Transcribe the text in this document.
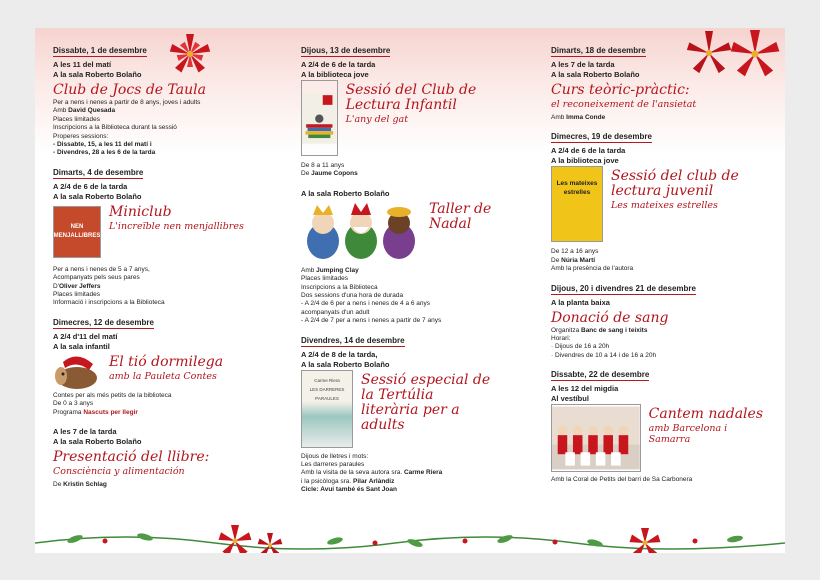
Dissabte, 1 de desembre
A les 11 del matí
A la sala Roberto Bolaño
Club de Jocs de Taula
Per a nens i nenes a partir de 8 anys, joves i adults
Amb David Quesada
Places limitades
Inscripcions a la Biblioteca durant la sessió
Properes sessions:
- Dissabte, 15, a les 11 del matí i
- Divendres, 28 a les 6 de la tarda
Dimarts, 4 de desembre
A 2/4 de 6 de la tarda
A la sala Roberto Bolaño
NEN MENJALLIBRES
Miniclub
L'increïble nen menjallibres
Per a nens i nenes de 5 a 7 anys,
Acompanyats pels seus pares
D'Oliver Jeffers
Places limitades
Informació i inscripcions a la Biblioteca
Dimecres, 12 de desembre
A 2/4 d'11 del matí
A la sala infantil
El tió dormilega
amb la Pauleta Contes
Contes per als més petits de la biblioteca
De 0 a 3 anys
Programa Nascuts per llegir
A les 7 de la tarda
A la sala Roberto Bolaño
Presentació del llibre:
Consciència y alimentación
De Kristin Schlag
Dijous, 13 de desembre
A 2/4 de 6 de la tarda
A la biblioteca jove
Sessió del Club de Lectura Infantil
L'any del gat
De 8 a 11 anys
De Jaume Copons
A la sala Roberto Bolaño
Taller de Nadal
Amb Jumping Clay
Places limitades
Inscripcions a la Biblioteca
Dos sessions d'una hora de durada
- A 2/4 de 6 per a nens i nenes de 4 a 6 anys
acompanyats d'un adult
- A 2/4 de 7 per a nens i nenes a partir de 7 anys
Divendres, 14 de desembre
A 2/4 de 8 de la tarda,
A la sala Roberto Bolaño
Carme Riera
LES DARRERES PARAULES
Sessió especial de la Tertúlia literària per a adults
Dijous de lletres i mots:
Les darreres paraules
Amb la visita de la seva autora sra. Carme Riera
i la psicòloga sra. Pilar Arlàndiz
Cicle: Avui també és Sant Joan
Dimarts, 18 de desembre
A les 7 de la tarda
A la sala Roberto Bolaño
Curs teòric-pràctic:
el reconeixement de l'ansietat
Amb Imma Conde
Dimecres, 19 de desembre
A 2/4 de 6 de la tarda
A la biblioteca jove
Les mateixes estrelles
Sessió del club de lectura juvenil
Les mateixes estrelles
De 12 a 16 anys
De Núria Martí
Amb la presència de l'autora
Dijous, 20 i divendres 21 de desembre
A la planta baixa
Donació de sang
Organitza Banc de sang i teixits
Horari:
· Dijous de 16 a 20h
· Divendres de 10 a 14 i de 16 a 20h
Dissabte, 22 de desembre
A les 12 del migdia
Al vestíbul
Cantem nadales
amb Barcelona i Samarra
Amb la Coral de Petits del barri de Sa Carbonera
